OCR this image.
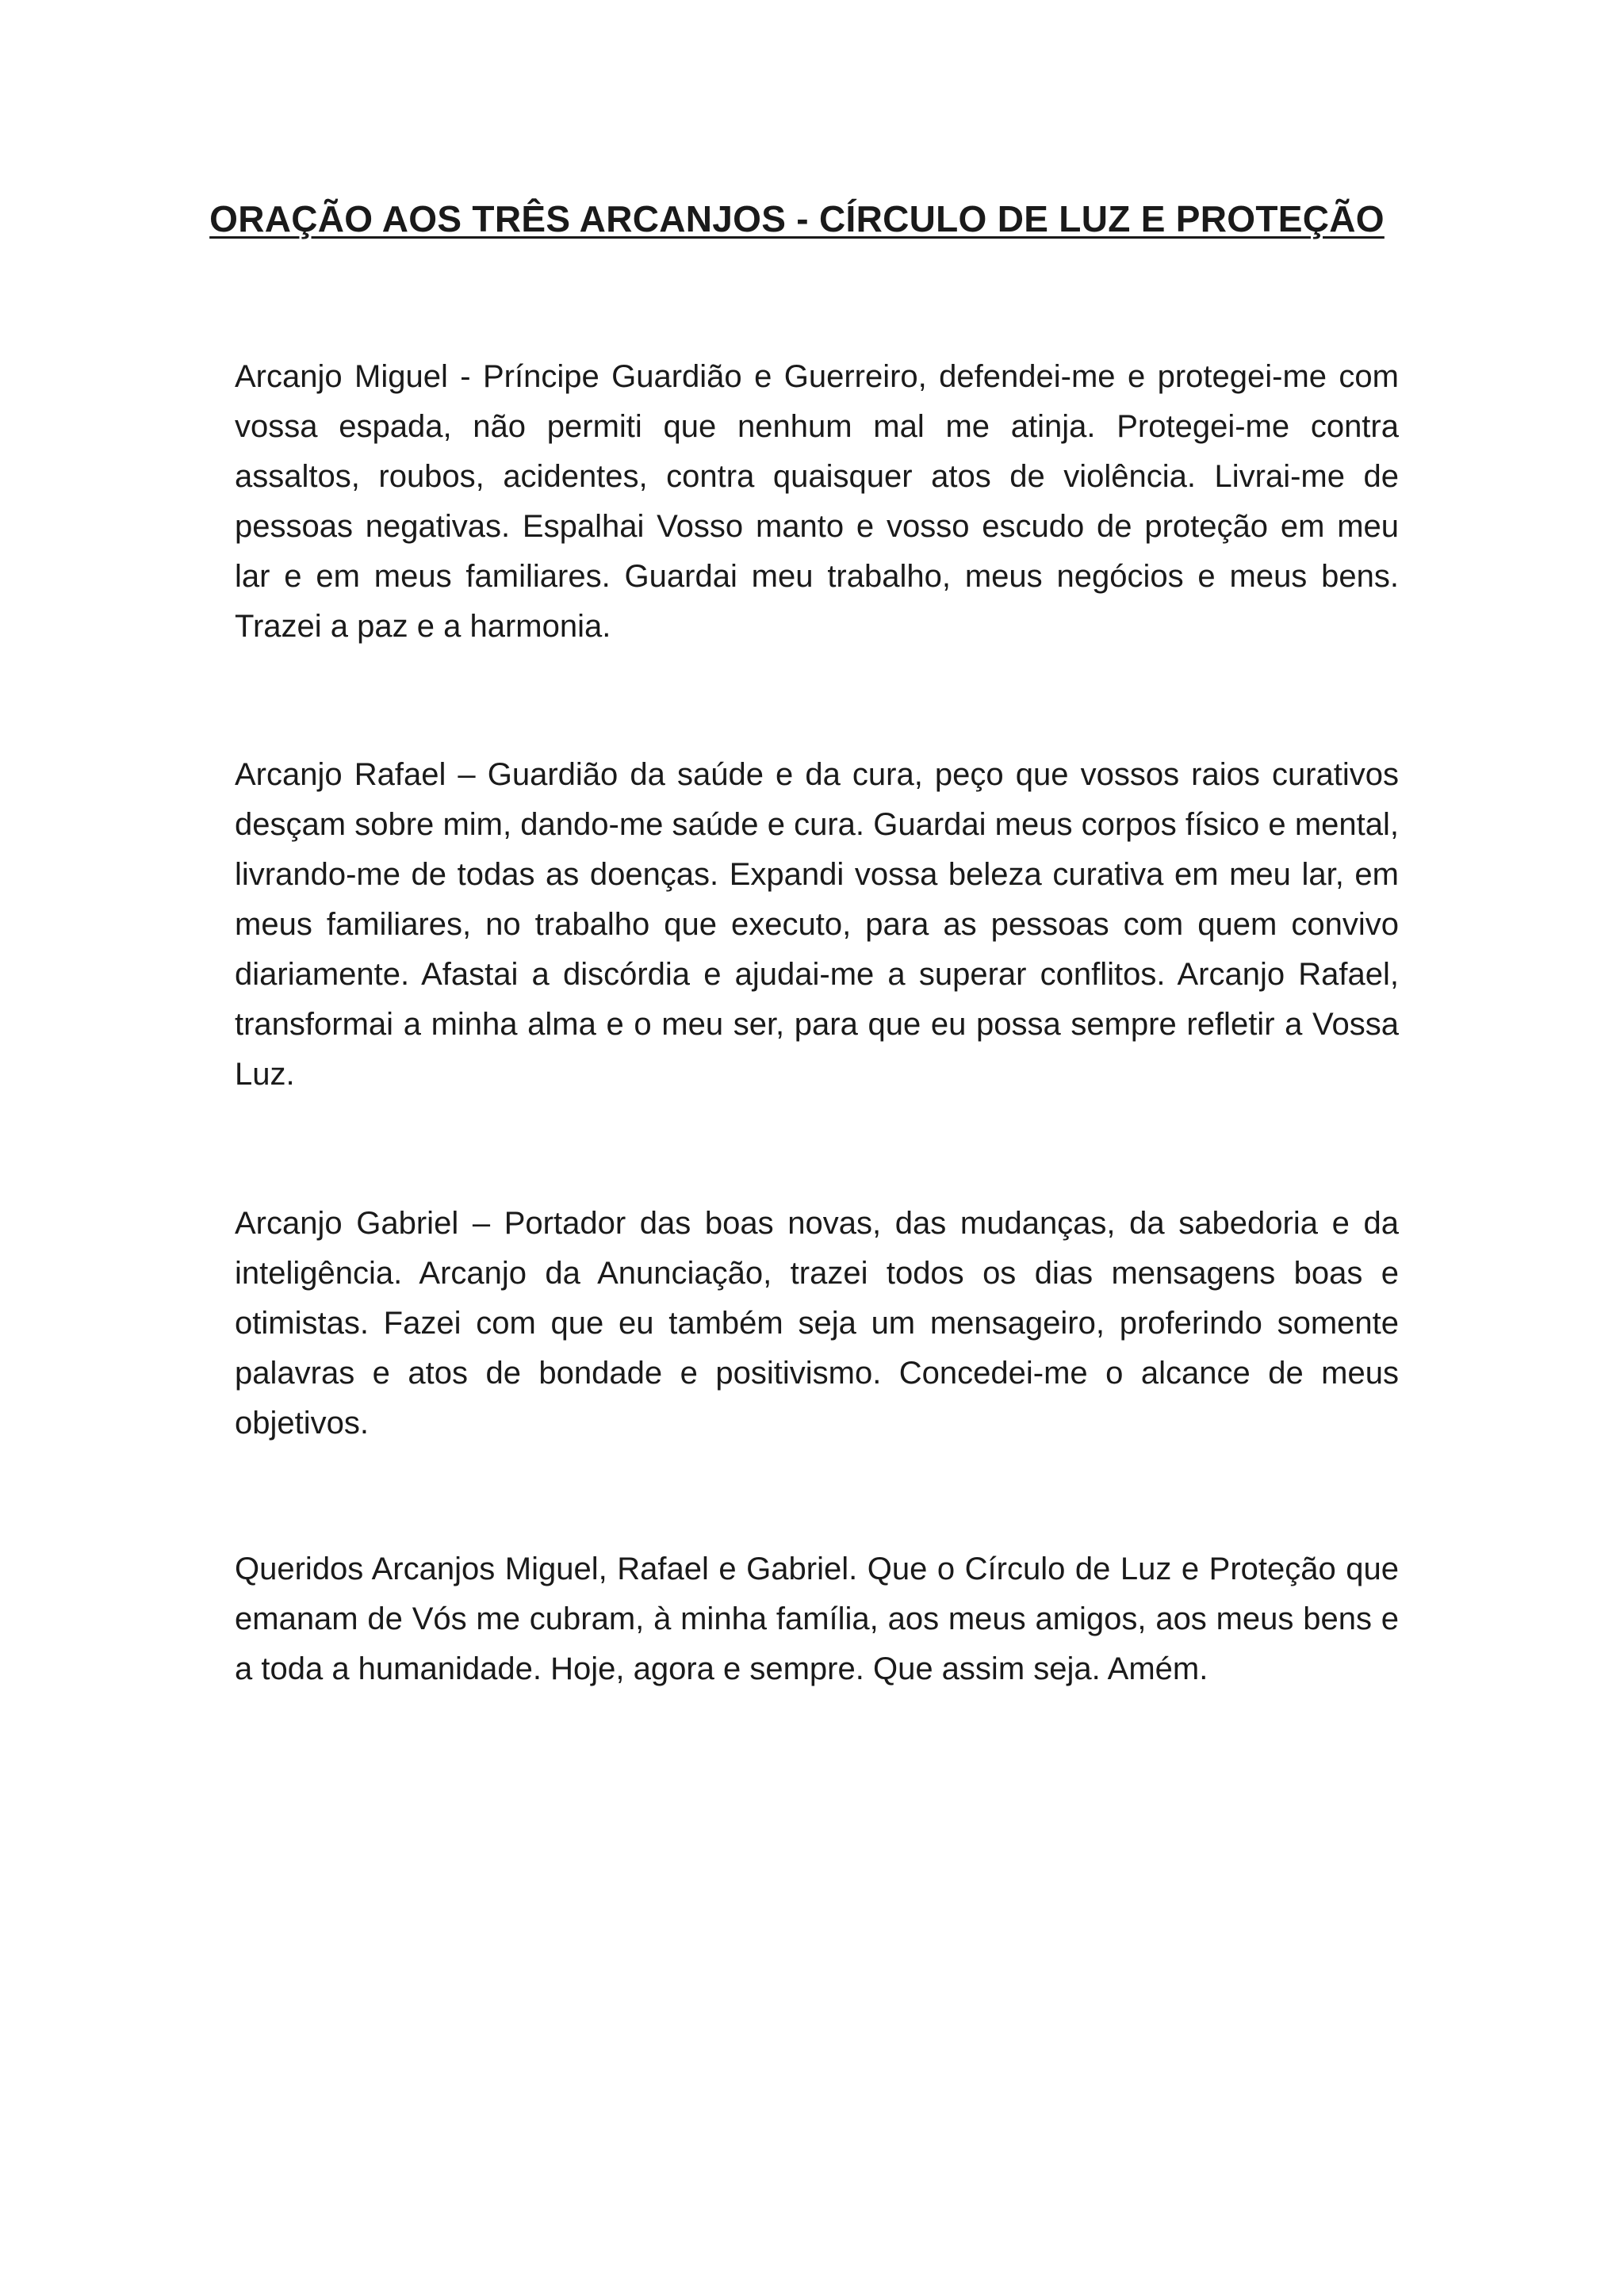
ORAÇÃO AOS TRÊS ARCANJOS - CÍRCULO DE LUZ E PROTEÇÃO

Arcanjo Miguel - Príncipe Guardião e Guerreiro, defendei-me e protegei-me com vossa espada, não permiti que nenhum mal me atinja. Protegei-me contra assaltos, roubos, acidentes, contra quaisquer atos de violência. Livrai-me de pessoas negativas. Espalhai Vosso manto e vosso escudo de proteção em meu lar e em meus familiares. Guardai meu trabalho, meus negócios e meus bens. Trazei a paz e a harmonia.

Arcanjo Rafael – Guardião da saúde e da cura, peço que vossos raios curativos desçam sobre mim, dando-me saúde e cura. Guardai meus corpos físico e mental, livrando-me de todas as doenças. Expandi vossa beleza curativa em meu lar, em meus familiares, no trabalho que executo, para as pessoas com quem convivo diariamente. Afastai a discórdia e ajudai-me a superar conflitos. Arcanjo Rafael, transformai a minha alma e o meu ser, para que eu possa sempre refletir a Vossa Luz.

Arcanjo Gabriel – Portador das boas novas, das mudanças, da sabedoria e da inteligência. Arcanjo da Anunciação, trazei todos os dias mensagens boas e otimistas. Fazei com que eu também seja um mensageiro, proferindo somente palavras e atos de bondade e positivismo. Concedei-me o alcance de meus objetivos.

Queridos Arcanjos Miguel, Rafael e Gabriel. Que o Círculo de Luz e Proteção que emanam de Vós me cubram, à minha família, aos meus amigos, aos meus bens e a toda a humanidade. Hoje, agora e sempre. Que assim seja. Amém.
